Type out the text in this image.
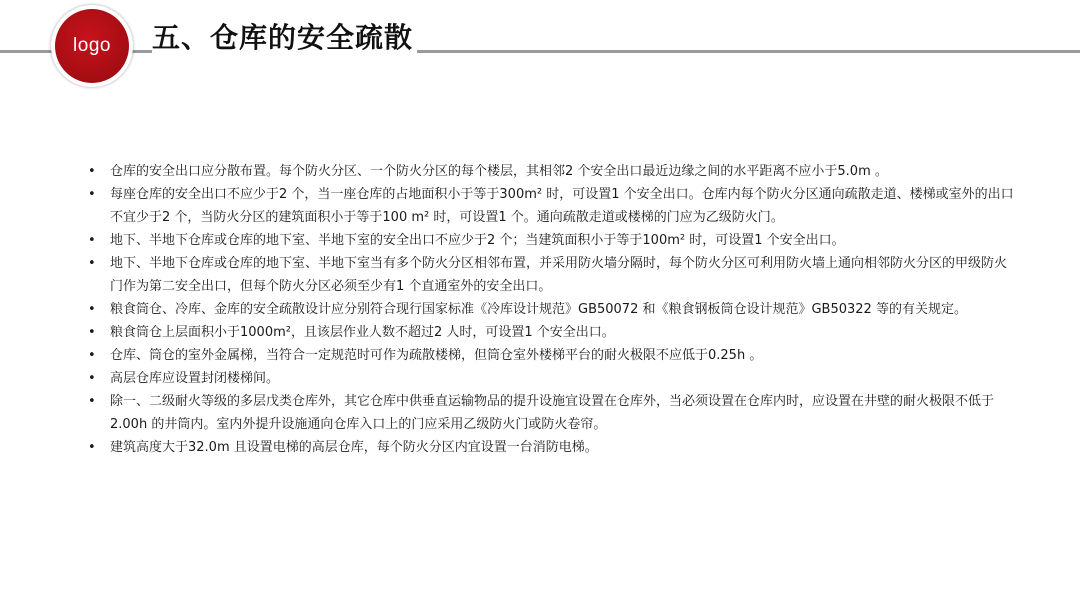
logo 五、仓库的安全疏散
•	仓库的安全出口应分散布置。每个防火分区、一个防火分区的每个楼层，其相邻2 个安全出口最近边缘之间的水平距离不应小于5.0m 。
•	每座仓库的安全出口不应少于2 个，当一座仓库的占地面积小于等于300m² 时，可设置1 个安全出口。仓库内每个防火分区通向疏散走道、楼梯或室外的出口不宜少于2 个，当防火分区的建筑面积小于等于100 m² 时，可设置1 个。通向疏散走道或楼梯的门应为乙级防火门。
•	地下、半地下仓库或仓库的地下室、半地下室的安全出口不应少于2 个；当建筑面积小于等于100m² 时，可设置1 个安全出口。
•	地下、半地下仓库或仓库的地下室、半地下室当有多个防火分区相邻布置，并采用防火墙分隔时，每个防火分区可利用防火墙上通向相邻防火分区的甲级防火门作为第二安全出口，但每个防火分区必须至少有1 个直通室外的安全出口。
•	粮食筒仓、冷库、金库的安全疏散设计应分别符合现行国家标准《冷库设计规范》GB50072 和《粮食钢板筒仓设计规范》GB50322 等的有关规定。
•	粮食筒仓上层面积小于1000m²，且该层作业人数不超过2 人时，可设置1 个安全出口。
•	仓库、筒仓的室外金属梯，当符合一定规范时可作为疏散楼梯，但筒仓室外楼梯平台的耐火极限不应低于0.25h 。
•	高层仓库应设置封闭楼梯间。
•	除一、二级耐火等级的多层戊类仓库外，其它仓库中供垂直运输物品的提升设施宜设置在仓库外，当必须设置在仓库内时，应设置在井壁的耐火极限不低于2.00h 的井筒内。室内外提升设施通向仓库入口上的门应采用乙级防火门或防火卷帘。
•	建筑高度大于32.0m 且设置电梯的高层仓库，每个防火分区内宜设置一台消防电梯。
